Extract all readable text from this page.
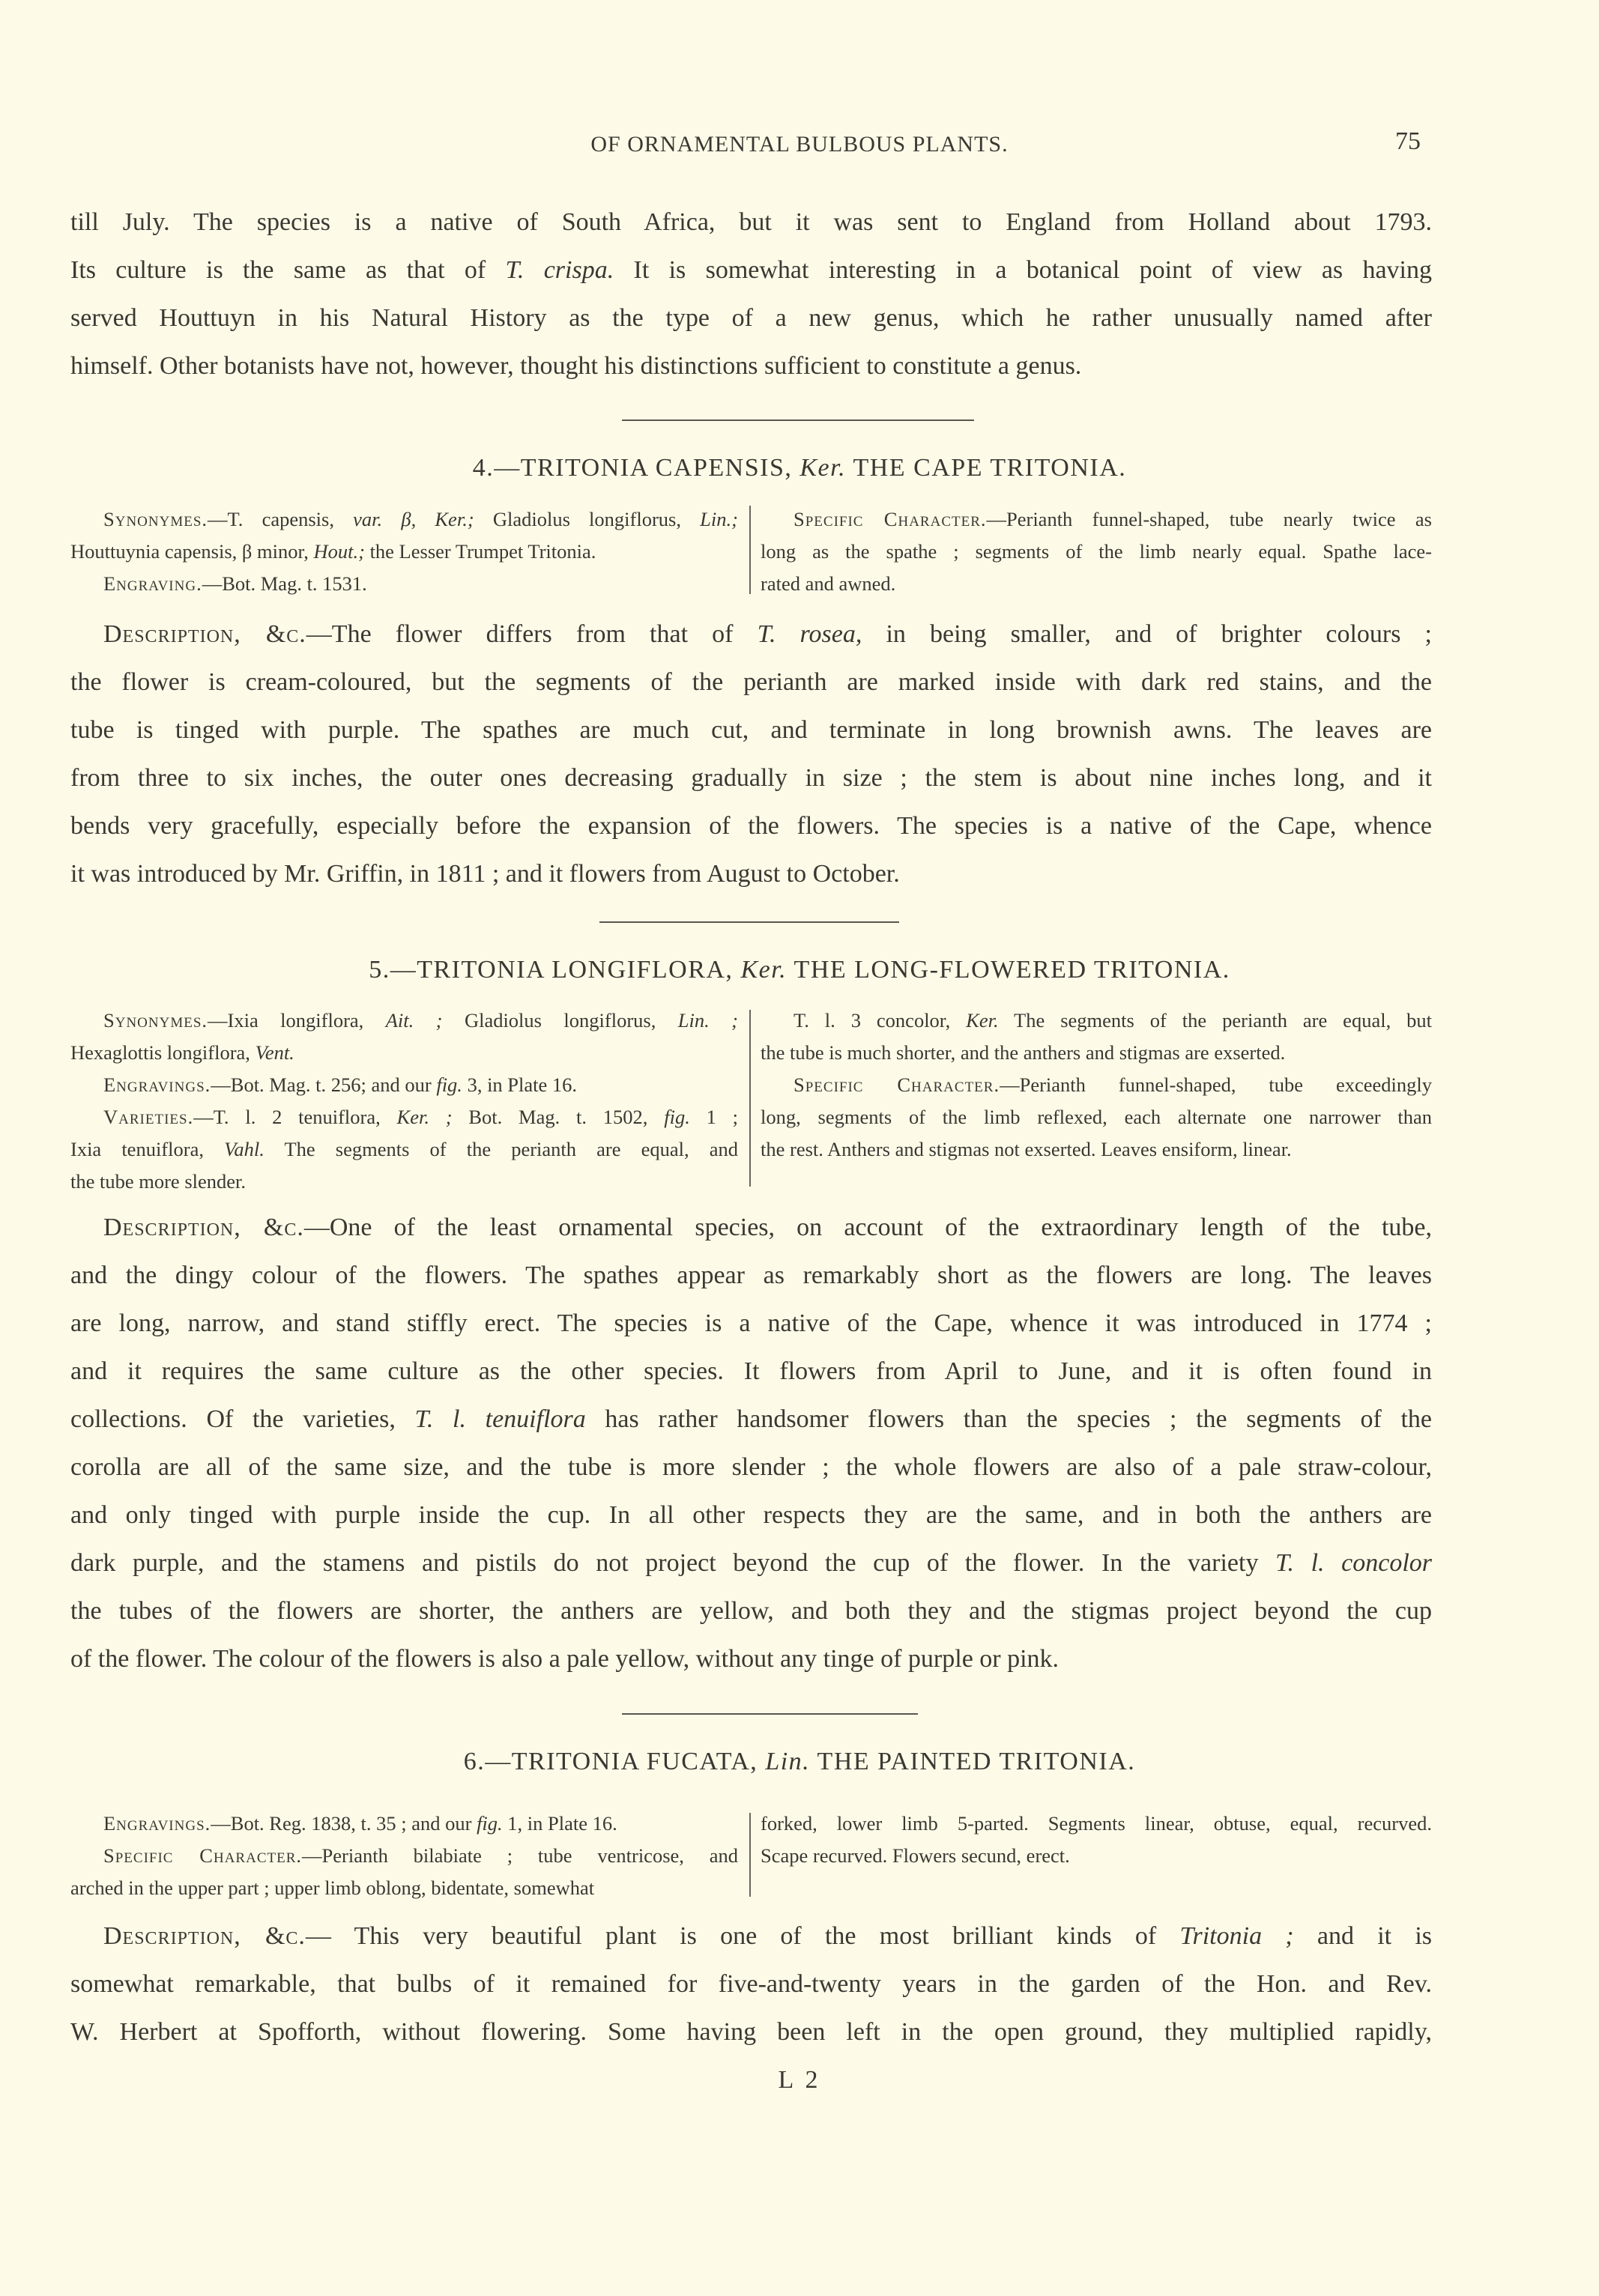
OF ORNAMENTAL BULBOUS PLANTS.	75
till July. The species is a native of South Africa, but it was sent to England from Holland about 1793.
Its culture is the same as that of T. crispa. It is somewhat interesting in a botanical point of view as having
served Houttuyn in his Natural History as the type of a new genus, which he rather unusually named after
himself. Other botanists have not, however, thought his distinctions sufficient to constitute a genus.
4.—TRITONIA CAPENSIS, Ker. THE CAPE TRITONIA.
Synonymes.—T. capensis, var. β, Ker.; Gladiolus longiflorus, Lin.;
Houttuynia capensis, β minor, Hout.; the Lesser Trumpet Tritonia.
Engraving.—Bot. Mag. t. 1531.
Specific Character.—Perianth funnel-shaped, tube nearly twice as
long as the spathe ; segments of the limb nearly equal. Spathe lace-
rated and awned.
Description, &c.—The flower differs from that of T. rosea, in being smaller, and of brighter colours ;
the flower is cream-coloured, but the segments of the perianth are marked inside with dark red stains, and the
tube is tinged with purple. The spathes are much cut, and terminate in long brownish awns. The leaves are
from three to six inches, the outer ones decreasing gradually in size ; the stem is about nine inches long, and it
bends very gracefully, especially before the expansion of the flowers. The species is a native of the Cape, whence
it was introduced by Mr. Griffin, in 1811 ; and it flowers from August to October.
5.—TRITONIA LONGIFLORA, Ker. THE LONG-FLOWERED TRITONIA.
Synonymes.—Ixia longiflora, Ait. ; Gladiolus longiflorus, Lin. ;
Hexaglottis longiflora, Vent.
Engravings.—Bot. Mag. t. 256; and our fig. 3, in Plate 16.
Varieties.—T. l. 2 tenuiflora, Ker. ; Bot. Mag. t. 1502, fig. 1 ;
Ixia tenuiflora, Vahl. The segments of the perianth are equal, and
the tube more slender.
T. l. 3 concolor, Ker. The segments of the perianth are equal, but
the tube is much shorter, and the anthers and stigmas are exserted.
Specific Character.—Perianth funnel-shaped, tube exceedingly
long, segments of the limb reflexed, each alternate one narrower than
the rest. Anthers and stigmas not exserted. Leaves ensiform, linear.
Description, &c.—One of the least ornamental species, on account of the extraordinary length of the tube,
and the dingy colour of the flowers. The spathes appear as remarkably short as the flowers are long. The leaves
are long, narrow, and stand stiffly erect. The species is a native of the Cape, whence it was introduced in 1774 ;
and it requires the same culture as the other species. It flowers from April to June, and it is often found in
collections. Of the varieties, T. l. tenuiflora has rather handsomer flowers than the species ; the segments of the
corolla are all of the same size, and the tube is more slender ; the whole flowers are also of a pale straw-colour,
and only tinged with purple inside the cup. In all other respects they are the same, and in both the anthers are
dark purple, and the stamens and pistils do not project beyond the cup of the flower. In the variety T. l. concolor
the tubes of the flowers are shorter, the anthers are yellow, and both they and the stigmas project beyond the cup
of the flower. The colour of the flowers is also a pale yellow, without any tinge of purple or pink.
6.—TRITONIA FUCATA, Lin. THE PAINTED TRITONIA.
Engravings.—Bot. Reg. 1838, t. 35 ; and our fig. 1, in Plate 16.
Specific Character.—Perianth bilabiate ; tube ventricose, and
arched in the upper part ; upper limb oblong, bidentate, somewhat
forked, lower limb 5-parted. Segments linear, obtuse, equal, recurved.
Scape recurved. Flowers secund, erect.
Description, &c.— This very beautiful plant is one of the most brilliant kinds of Tritonia ; and it is
somewhat remarkable, that bulbs of it remained for five-and-twenty years in the garden of the Hon. and Rev.
W. Herbert at Spofforth, without flowering. Some having been left in the open ground, they multiplied rapidly,
L 2
